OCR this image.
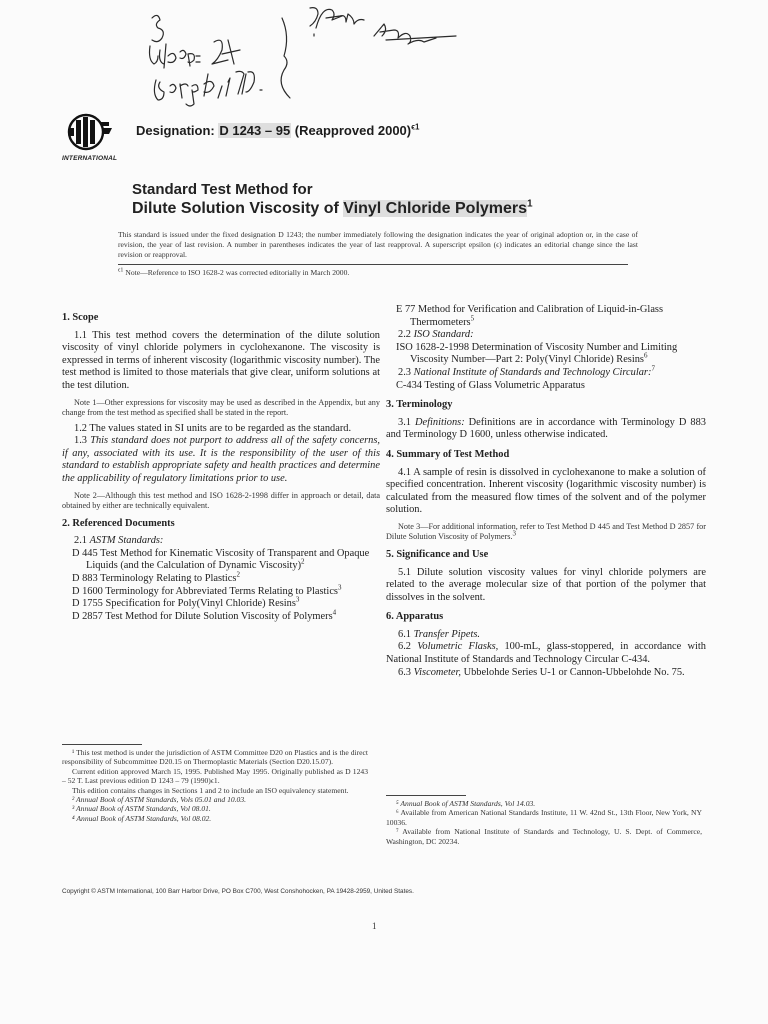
INTERNATIONAL
Designation: D 1243 – 95 (Reapproved 2000)$^{\epsilon 1}$
Standard Test Method for
Dilute Solution Viscosity of Vinyl Chloride Polymers$^1$
This standard is issued under the fixed designation D 1243; the number immediately following the designation indicates the year of original adoption or, in the case of revision, the year of last revision. A number in parentheses indicates the year of last reapproval. A superscript epsilon (ϵ) indicates an editorial change since the last revision or reapproval.
$^{\epsilon 1}$ Note—Reference to ISO 1628-2 was corrected editorially in March 2000.
1. Scope

1.1 This test method covers the determination of the dilute solution viscosity of vinyl chloride polymers in cyclohexanone. The viscosity is expressed in terms of inherent viscosity (logarithmic viscosity number). The test method is limited to those materials that give clear, uniform solutions at the test dilution.

Note 1—Other expressions for viscosity may be used as described in the Appendix, but any change from the test method as specified shall be stated in the report.

1.2 The values stated in SI units are to be regarded as the standard.

1.3 This standard does not purport to address all of the safety concerns, if any, associated with its use. It is the responsibility of the user of this standard to establish appropriate safety and health practices and determine the applicability of regulatory limitations prior to use.

Note 2—Although this test method and ISO 1628-2-1998 differ in approach or detail, data obtained by either are technically equivalent.

2. Referenced Documents

2.1 ASTM Standards:

D 445 Test Method for Kinematic Viscosity of Transparent and Opaque Liquids (and the Calculation of Dynamic Viscosity)$^2$

D 883 Terminology Relating to Plastics$^2$

D 1600 Terminology for Abbreviated Terms Relating to Plastics$^3$

D 1755 Specification for Poly(Vinyl Chloride) Resins$^3$

D 2857 Test Method for Dilute Solution Viscosity of Polymers$^4$

¹ This test method is under the jurisdiction of ASTM Committee D20 on Plastics and is the direct responsibility of Subcommittee D20.15 on Thermoplastic Materials (Section D20.15.07).

Current edition approved March 15, 1995. Published May 1995. Originally published as D 1243 – 52 T. Last previous edition D 1243 – 79 (1990)ϵ1.

This edition contains changes in Sections 1 and 2 to include an ISO equivalency statement.

² Annual Book of ASTM Standards, Vols 05.01 and 10.03.

³ Annual Book of ASTM Standards, Vol 08.01.

⁴ Annual Book of ASTM Standards, Vol 08.02.

E 77 Method for Verification and Calibration of Liquid-in-Glass Thermometers$^5$

2.2 ISO Standard:

ISO 1628-2-1998 Determination of Viscosity Number and Limiting Viscosity Number—Part 2: Poly(Vinyl Chloride) Resins$^6$

2.3 National Institute of Standards and Technology Circular:$^7$

C-434 Testing of Glass Volumetric Apparatus

3. Terminology

3.1 Definitions: Definitions are in accordance with Terminology D 883 and Terminology D 1600, unless otherwise indicated.

4. Summary of Test Method

4.1 A sample of resin is dissolved in cyclohexanone to make a solution of specified concentration. Inherent viscosity (logarithmic viscosity number) is calculated from the measured flow times of the solvent and of the polymer solution.

Note 3—For additional information, refer to Test Method D 445 and Test Method D 2857 for Dilute Solution Viscosity of Polymers.$^3$

5. Significance and Use

5.1 Dilute solution viscosity values for vinyl chloride polymers are related to the average molecular size of that portion of the polymer that dissolves in the solvent.

6. Apparatus

6.1 Transfer Pipets.

6.2 Volumetric Flasks, 100-mL, glass-stoppered, in accordance with National Institute of Standards and Technology Circular C-434.

6.3 Viscometer, Ubbelohde Series U-1 or Cannon-Ubbelohde No. 75.

⁵ Annual Book of ASTM Standards, Vol 14.03.

⁶ Available from American National Standards Institute, 11 W. 42nd St., 13th Floor, New York, NY 10036.

⁷ Available from National Institute of Standards and Technology, U. S. Dept. of Commerce, Washington, DC 20234.

Copyright © ASTM International, 100 Barr Harbor Drive, PO Box C700, West Conshohocken, PA 19428-2959, United States.
1
